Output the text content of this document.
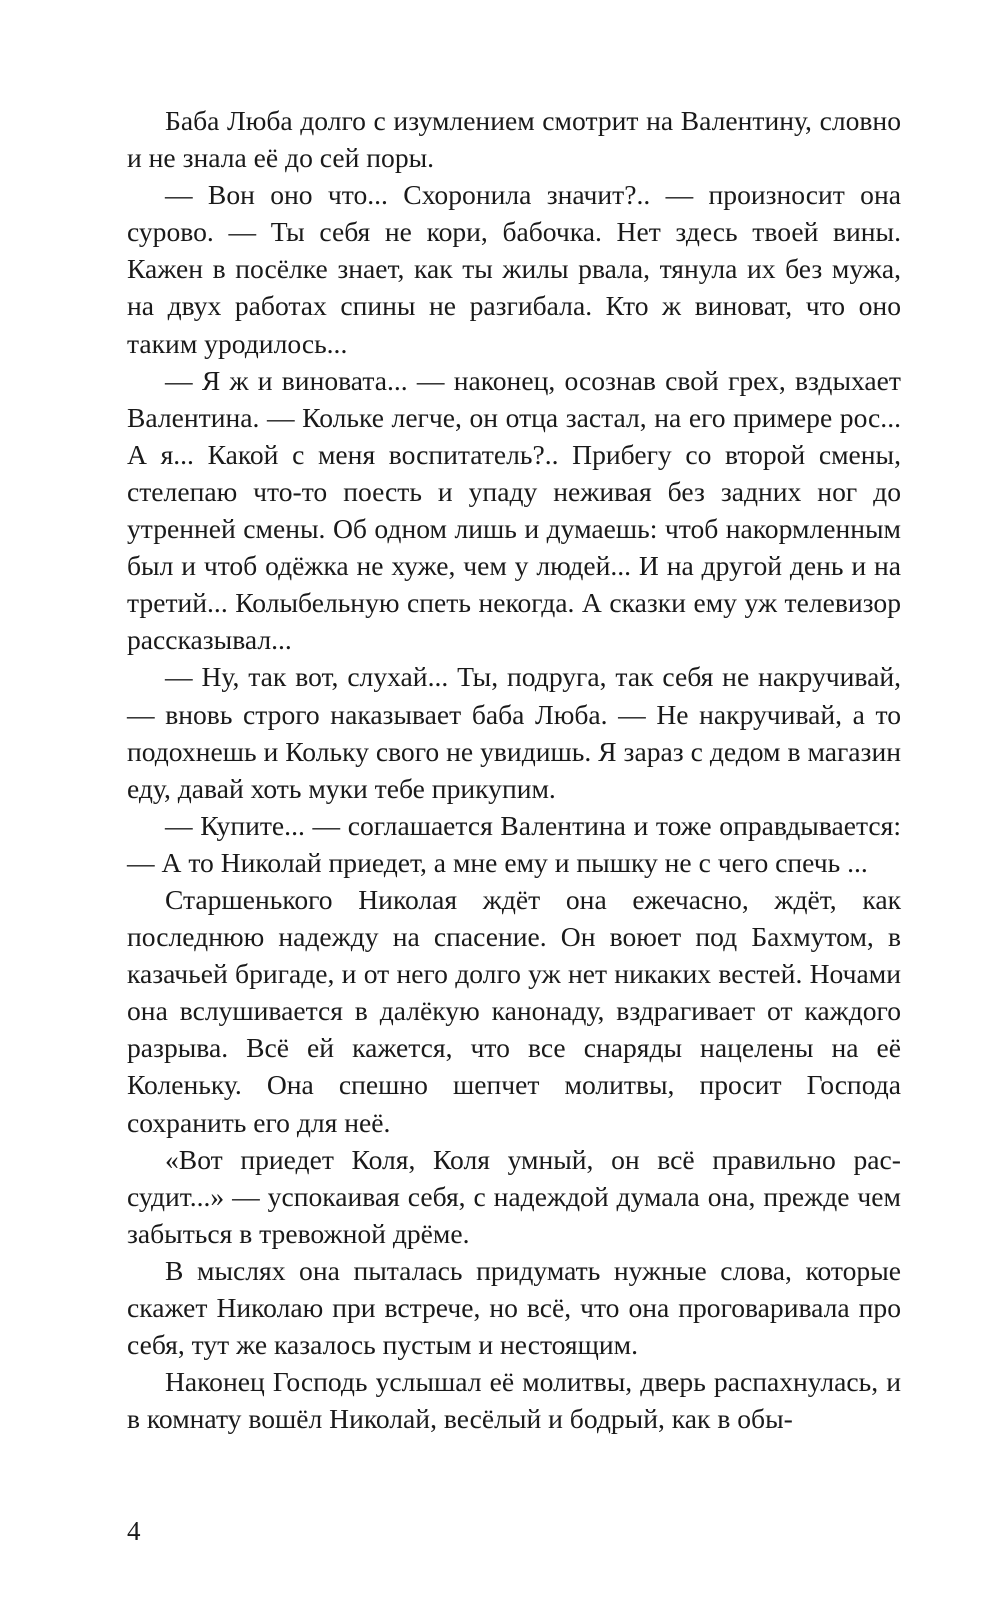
Баба Люба долго с изумлением смотрит на Валентину, словно и не знала её до сей поры.

— Вон оно что... Схоронила значит?.. — произносит она сурово. — Ты себя не кори, бабочка. Нет здесь твоей вины. Кажен в посёлке знает, как ты жилы рвала, тянула их без мужа, на двух работах спины не разгибала. Кто ж виноват, что оно таким уродилось...

— Я ж и виновата... — наконец, осознав свой грех, вздыхает Валентина. — Кольке легче, он отца застал, на его примере рос... А я... Какой с меня воспитатель?.. Прибегу со второй смены, стелепаю что-то поесть и упаду неживая без задних ног до утренней смены. Об одном лишь и думаешь: чтоб накормленным был и чтоб одёжка не хуже, чем у людей... И на другой день и на третий... Колыбельную спеть некогда. А сказки ему уж телевизор рассказывал...

— Ну, так вот, слухай... Ты, подруга, так себя не накручивай, — вновь строго наказывает баба Люба. — Не накручивай, а то подохнешь и Кольку свого не увидишь. Я зараз с дедом в магазин еду, давай хоть муки тебе прикупим.

— Купите... — соглашается Валентина и тоже оправдывается: — А то Николай приедет, а мне ему и пышку не с чего спечь ...

Старшенького Николая ждёт она ежечасно, ждёт, как последнюю надежду на спасение. Он воюет под Бахмутом, в казачьей бригаде, и от него долго уж нет никаких вестей. Ночами она вслушивается в далёкую канонаду, вздрагивает от каждого разрыва. Всё ей кажется, что все снаряды нацелены на её Коленьку. Она спешно шепчет молитвы, просит Господа сохранить его для неё.

«Вот приедет Коля, Коля умный, он всё правильно рассудит...» — успокаивая себя, с надеждой думала она, прежде чем забыться в тревожной дрёме.

В мыслях она пыталась придумать нужные слова, которые скажет Николаю при встрече, но всё, что она проговаривала про себя, тут же казалось пустым и нестоящим.

Наконец Господь услышал её молитвы, дверь распахнулась, и в комнату вошёл Николай, весёлый и бодрый, как в обы-

4
